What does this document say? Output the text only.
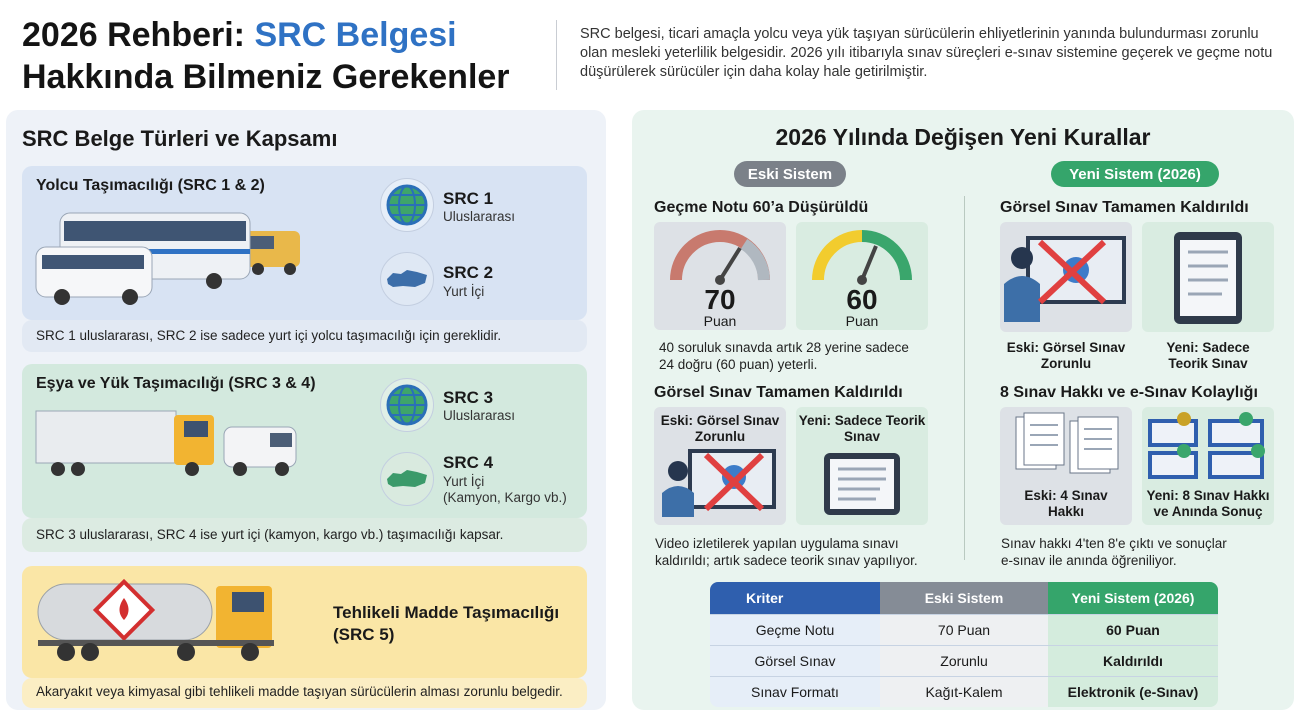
2026 Rehberi: SRC Belgesi
Hakkında Bilmeniz Gerekenler
SRC belgesi, ticari amaçla yolcu veya yük taşıyan sürücülerin ehliyetlerinin yanında bulundurması zorunlu olan mesleki yeterlilik belgesidir. 2026 yılı itibarıyla sınav süreçleri e-sınav sistemine geçerek ve geçme notu düşürülerek sürücüler için daha kolay hale getirilmiştir.
SRC Belge Türleri ve Kapsamı
Yolcu Taşımacılığı (SRC 1 & 2)
SRC 1
Uluslararası
SRC 2
Yurt İçi
SRC 1 uluslararası, SRC 2 ise sadece yurt içi yolcu taşımacılığı için gereklidir.
Eşya ve Yük Taşımacılığı (SRC 3 & 4)
SRC 3
Uluslararası
SRC 4
Yurt İçi
(Kamyon, Kargo vb.)
SRC 3 uluslararası, SRC 4 ise yurt içi (kamyon, kargo vb.) taşımacılığı kapsar.
Tehlikeli Madde Taşımacılığı
(SRC 5)
Akaryakıt veya kimyasal gibi tehlikeli madde taşıyan sürücülerin alması zorunlu belgedir.
2026 Yılında Değişen Yeni Kurallar
Eski Sistem	Yeni Sistem (2026)
Geçme Notu 60’a Düşürüldü
70
Puan
60
Puan
40 soruluk sınavda artık 28 yerine sadece
24 doğru (60 puan) yeterli.
Görsel Sınav Tamamen Kaldırıldı
Eski: Görsel Sınav
Zorunlu
Yeni: Sadece Teorik
Sınav
Video izletilerek yapılan uygulama sınavı
kaldırıldı; artık sadece teorik sınav yapılıyor.
Görsel Sınav Tamamen Kaldırıldı
Eski: Görsel Sınav
Zorunlu
Yeni: Sadece
Teorik Sınav
8 Sınav Hakkı ve e-Sınav Kolaylığı
Eski: 4 Sınav
Hakkı
Yeni: 8 Sınav Hakkı
ve Anında Sonuç
Sınav hakkı 4'ten 8'e çıktı ve sonuçlar
e-sınav ile anında öğreniliyor.
Kriter	Eski Sistem	Yeni Sistem (2026)
Geçme Notu	70 Puan	60 Puan
Görsel Sınav	Zorunlu	Kaldırıldı
Sınav Formatı	Kağıt-Kalem	Elektronik (e-Sınav)
